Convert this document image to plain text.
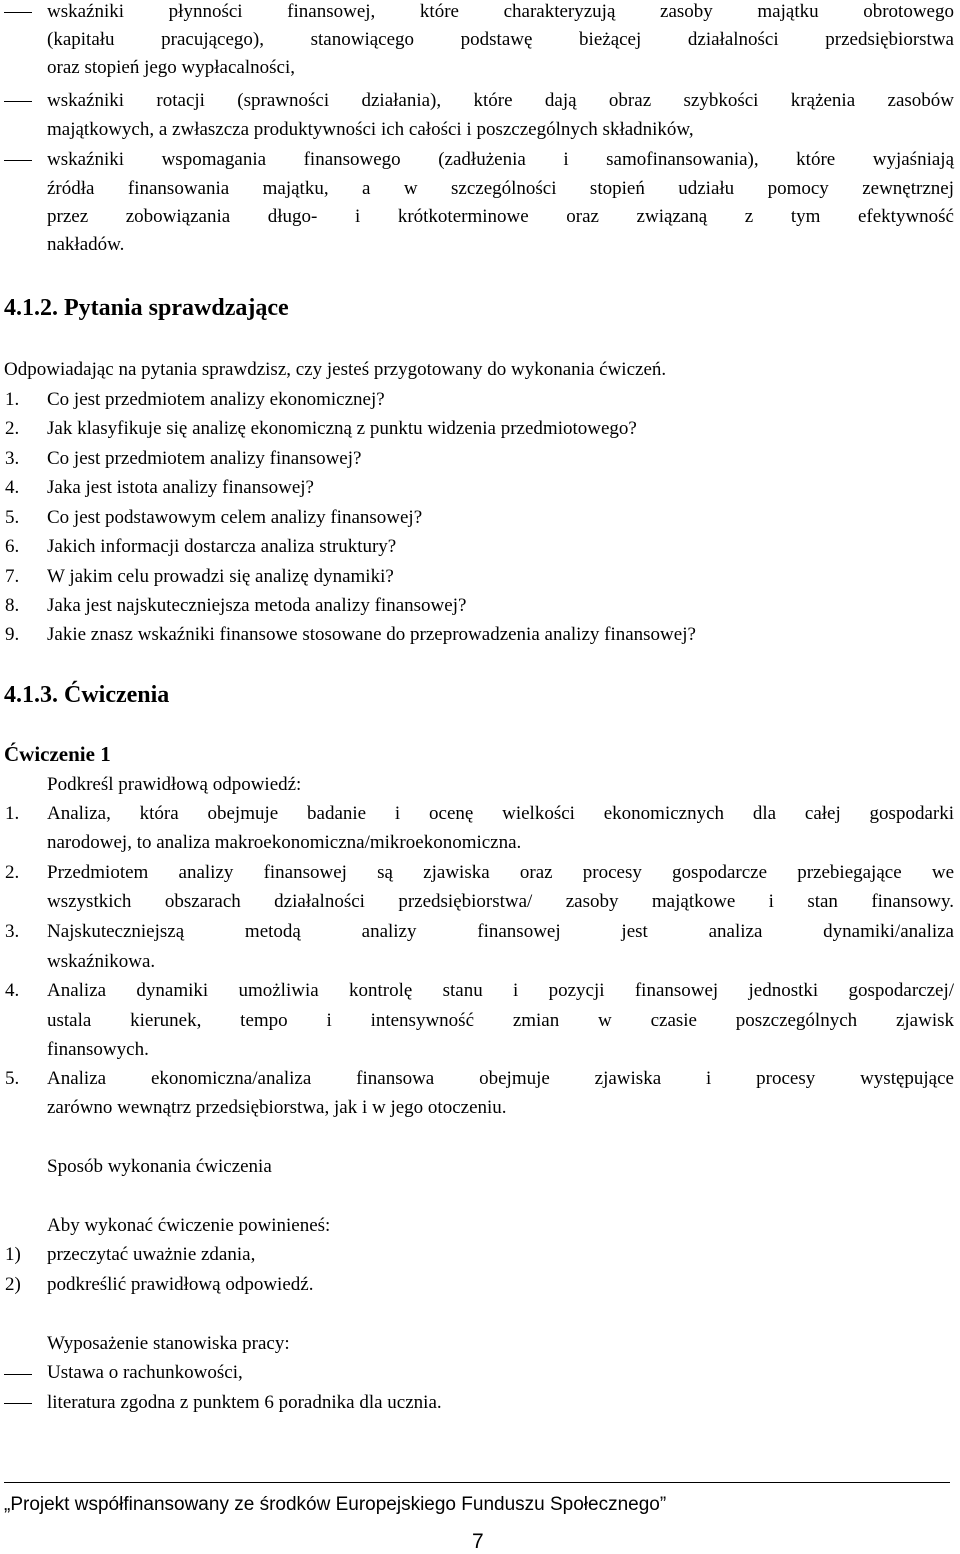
wskaźniki płynności finansowej, które charakteryzują zasoby majątku obrotowego
(kapitału pracującego), stanowiącego podstawę bieżącej działalności przedsiębiorstwa
oraz stopień jego wypłacalności,
wskaźniki rotacji (sprawności działania), które dają obraz szybkości krążenia zasobów
majątkowych, a zwłaszcza produktywności ich całości i poszczególnych składników,
wskaźniki wspomagania finansowego (zadłużenia i samofinansowania), które wyjaśniają
źródła finansowania majątku, a w szczególności stopień udziału pomocy zewnętrznej
przez zobowiązania długo- i krótkoterminowe oraz związaną z tym efektywność
nakładów.
4.1.2. Pytania sprawdzające
Odpowiadając na pytania sprawdzisz, czy jesteś przygotowany do wykonania ćwiczeń.
1. Co jest przedmiotem analizy ekonomicznej?
2. Jak klasyfikuje się analizę ekonomiczną z punktu widzenia przedmiotowego?
3. Co jest przedmiotem analizy finansowej?
4. Jaka jest istota analizy finansowej?
5. Co jest podstawowym celem analizy finansowej?
6. Jakich informacji dostarcza analiza struktury?
7. W jakim celu prowadzi się analizę dynamiki?
8. Jaka jest najskuteczniejsza metoda analizy finansowej?
9. Jakie znasz wskaźniki finansowe stosowane do przeprowadzenia analizy finansowej?
4.1.3. Ćwiczenia
Ćwiczenie 1
Podkreśl prawidłową odpowiedź:
1. Analiza, która obejmuje badanie i ocenę wielkości ekonomicznych dla całej gospodarki
narodowej, to analiza makroekonomiczna/mikroekonomiczna.
2. Przedmiotem analizy finansowej są zjawiska oraz procesy gospodarcze przebiegające we
wszystkich obszarach działalności przedsiębiorstwa/ zasoby majątkowe i stan finansowy.
3. Najskuteczniejszą metodą analizy finansowej jest analiza dynamiki/analiza
wskaźnikowa.
4. Analiza dynamiki umożliwia kontrolę stanu i pozycji finansowej jednostki gospodarczej/
ustala kierunek, tempo i intensywność zmian w czasie poszczególnych zjawisk
finansowych.
5. Analiza ekonomiczna/analiza finansowa obejmuje zjawiska i procesy występujące
zarówno wewnątrz przedsiębiorstwa, jak i w jego otoczeniu.
Sposób wykonania ćwiczenia
Aby wykonać ćwiczenie powinieneś:
1) przeczytać uważnie zdania,
2) podkreślić prawidłową odpowiedź.
Wyposażenie stanowiska pracy:
Ustawa o rachunkowości,
literatura zgodna z punktem 6 poradnika dla ucznia.
„Projekt współfinansowany ze środków Europejskiego Funduszu Społecznego”
7
